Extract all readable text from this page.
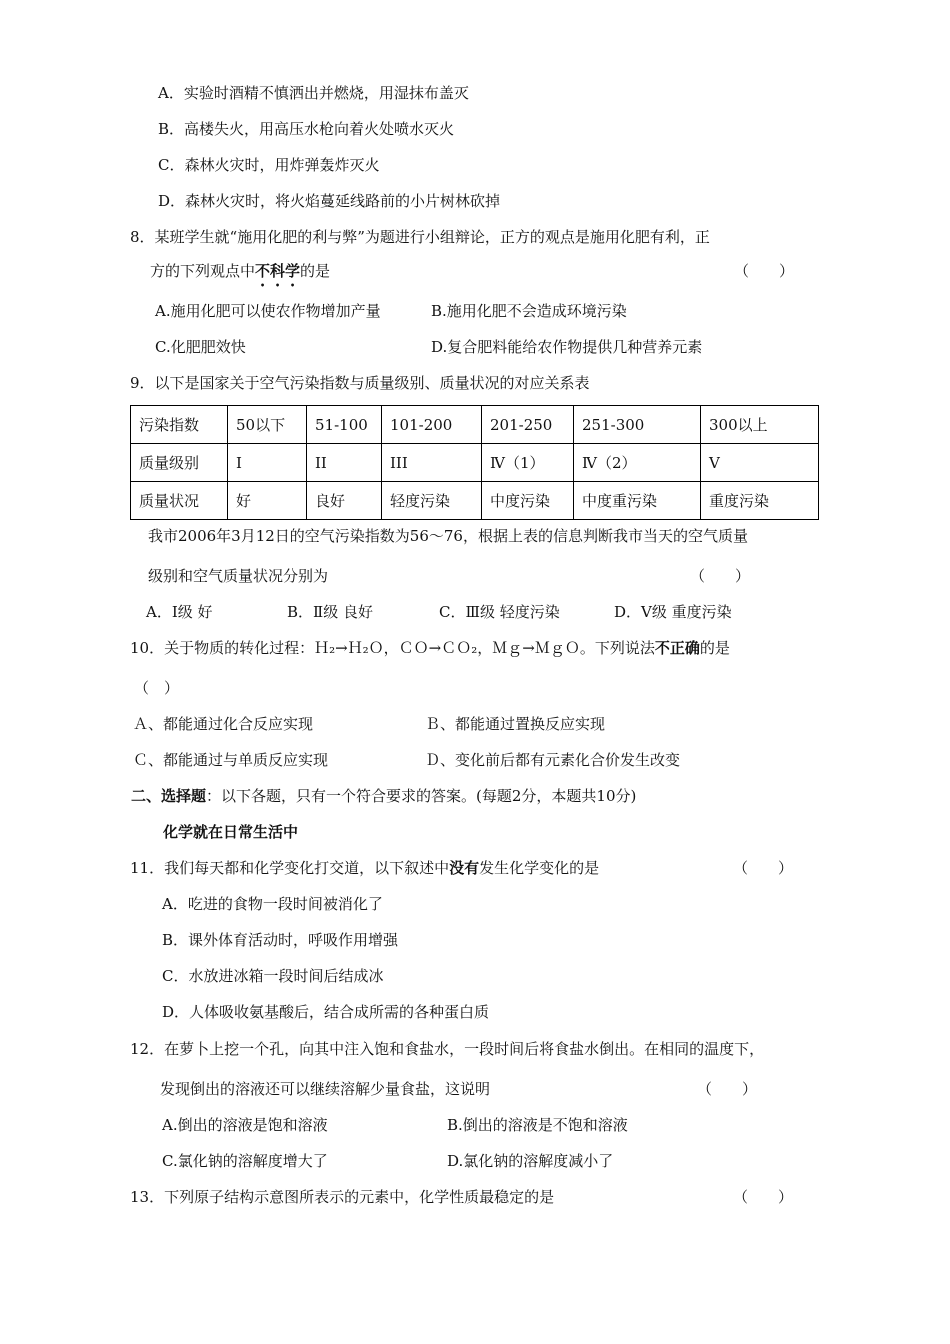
A．实验时酒精不慎洒出并燃烧，用湿抹布盖灭
B．高楼失火，用高压水枪向着火处喷水灭火
C．森林火灾时，用炸弹轰炸灭火
D．森林火灾时，将火焰蔓延线路前的小片树林砍掉
8．某班学生就“施用化肥的利与弊”为题进行小组辩论，正方的观点是施用化肥有利，正
方的下列观点中不科学的是	（　　）
A.施用化肥可以使农作物增加产量	B.施用化肥不会造成环境污染
C.化肥肥效快	D.复合肥料能给农作物提供几种营养元素
9．以下是国家关于空气污染指数与质量级别、质量状况的对应关系表
污染指数	50以下	51-100	101-200	201-250	251-300	300以上
质量级别	I	II	III	Ⅳ（1）	Ⅳ（2）	V
质量状况	好	良好	轻度污染	中度污染	中度重污染	重度污染
我市2006年3月12日的空气污染指数为56～76，根据上表的信息判断我市当天的空气质量
级别和空气质量状况分别为	（　　）
A．Ⅰ级 好	B．Ⅱ级 良好	C．Ⅲ级 轻度污染	D．Ⅴ级 重度污染
10．关于物质的转化过程：Ｈ₂→Ｈ₂Ｏ，ＣＯ→ＣＯ₂，Ｍｇ→ＭｇＯ。下列说法不正确的是
（　）
Ａ、都能通过化合反应实现	Ｂ、都能通过置换反应实现
Ｃ、都能通过与单质反应实现	Ｄ、变化前后都有元素化合价发生改变
二、选择题：以下各题，只有一个符合要求的答案。(每题2分，本题共10分)
化学就在日常生活中
11．我们每天都和化学变化打交道，以下叙述中没有发生化学变化的是	（　　）
A．吃进的食物一段时间被消化了
B．课外体育活动时，呼吸作用增强
C．水放进冰箱一段时间后结成冰
D．人体吸收氨基酸后，结合成所需的各种蛋白质
12．在萝卜上挖一个孔，向其中注入饱和食盐水，一段时间后将食盐水倒出。在相同的温度下，
发现倒出的溶液还可以继续溶解少量食盐，这说明	（　　）
A.倒出的溶液是饱和溶液	B.倒出的溶液是不饱和溶液
C.氯化钠的溶解度增大了	D.氯化钠的溶解度减小了
13．下列原子结构示意图所表示的元素中，化学性质最稳定的是	（　　）
